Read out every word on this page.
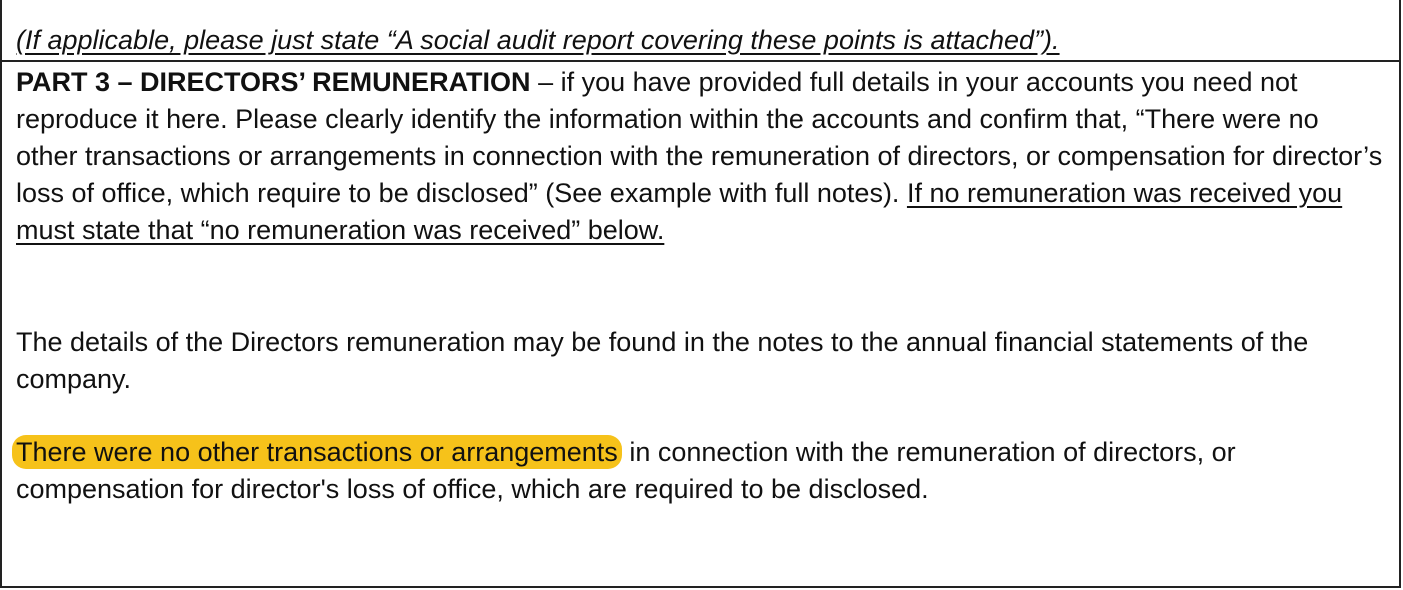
(If applicable, please just state “A social audit report covering these points is attached”).
PART 3 – DIRECTORS’ REMUNERATION – if you have provided full details in your accounts you need not reproduce it here. Please clearly identify the information within the accounts and confirm that, “There were no other transactions or arrangements in connection with the remuneration of directors, or compensation for director’s loss of office, which require to be disclosed” (See example with full notes). If no remuneration was received you must state that “no remuneration was received” below.
The details of the Directors remuneration may be found in the notes to the annual financial statements of the company.
There were no other transactions or arrangements in connection with the remuneration of directors, or compensation for director's loss of office, which are required to be disclosed.
